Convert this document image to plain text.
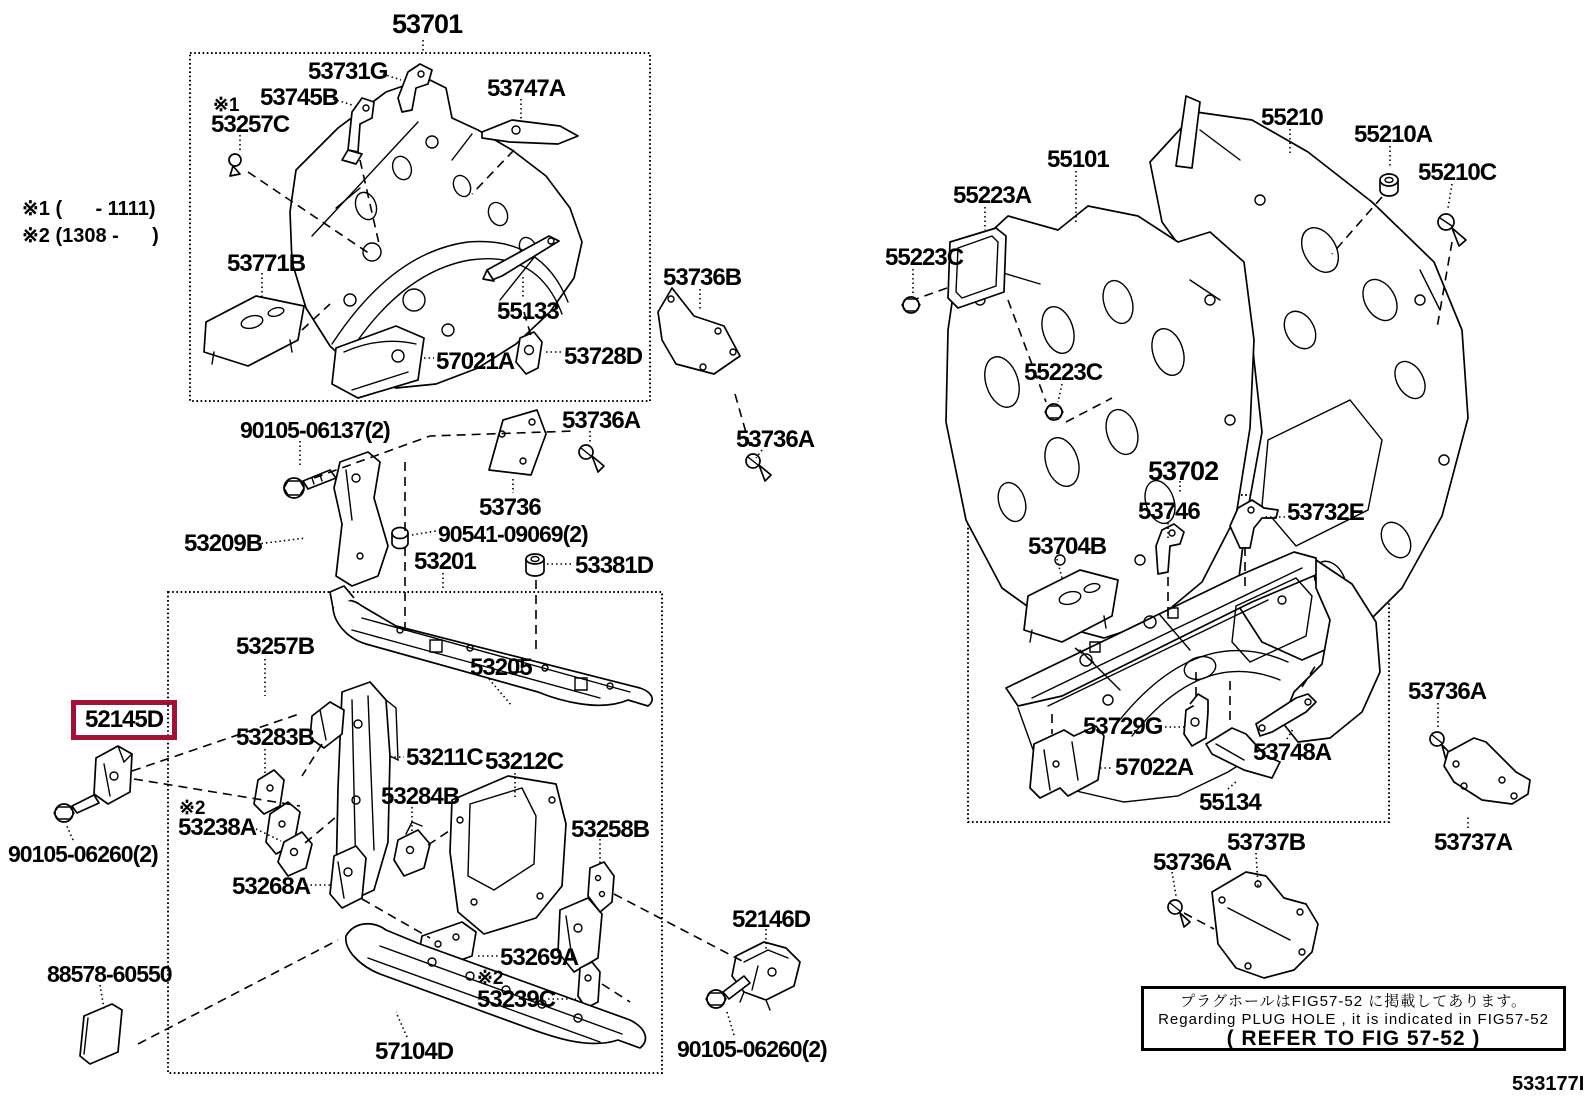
53701
53731G
53745B
※1
53257C
53747A
53771B
55133
57021A 53728D
53736B
90105-06137(2)	53736A
53736
53736A
53209B	90541-09069(2)
53201	53381D
53257B
53205
52145D
53283B
53211C 53212C
53284B
※2
53238A	53258B
90105-06260(2)
53268A
88578-60550
53269A
※2
53239C
57104D
52146D
90105-06260(2)
55223A
55101
55210
55210A
55210C
55223C
55223C
53702
53746	53732E
53704B
53729G
57022A
55134
53748A
53736A
53737A
53737B
53736A
※1 (      - 1111)
※2 (1308 -      )
プラグホールはFIG57-52 に掲載してあります。
Regarding PLUG HOLE , it is indicated in FIG57-52
( REFER TO FIG 57-52 )
533177I
